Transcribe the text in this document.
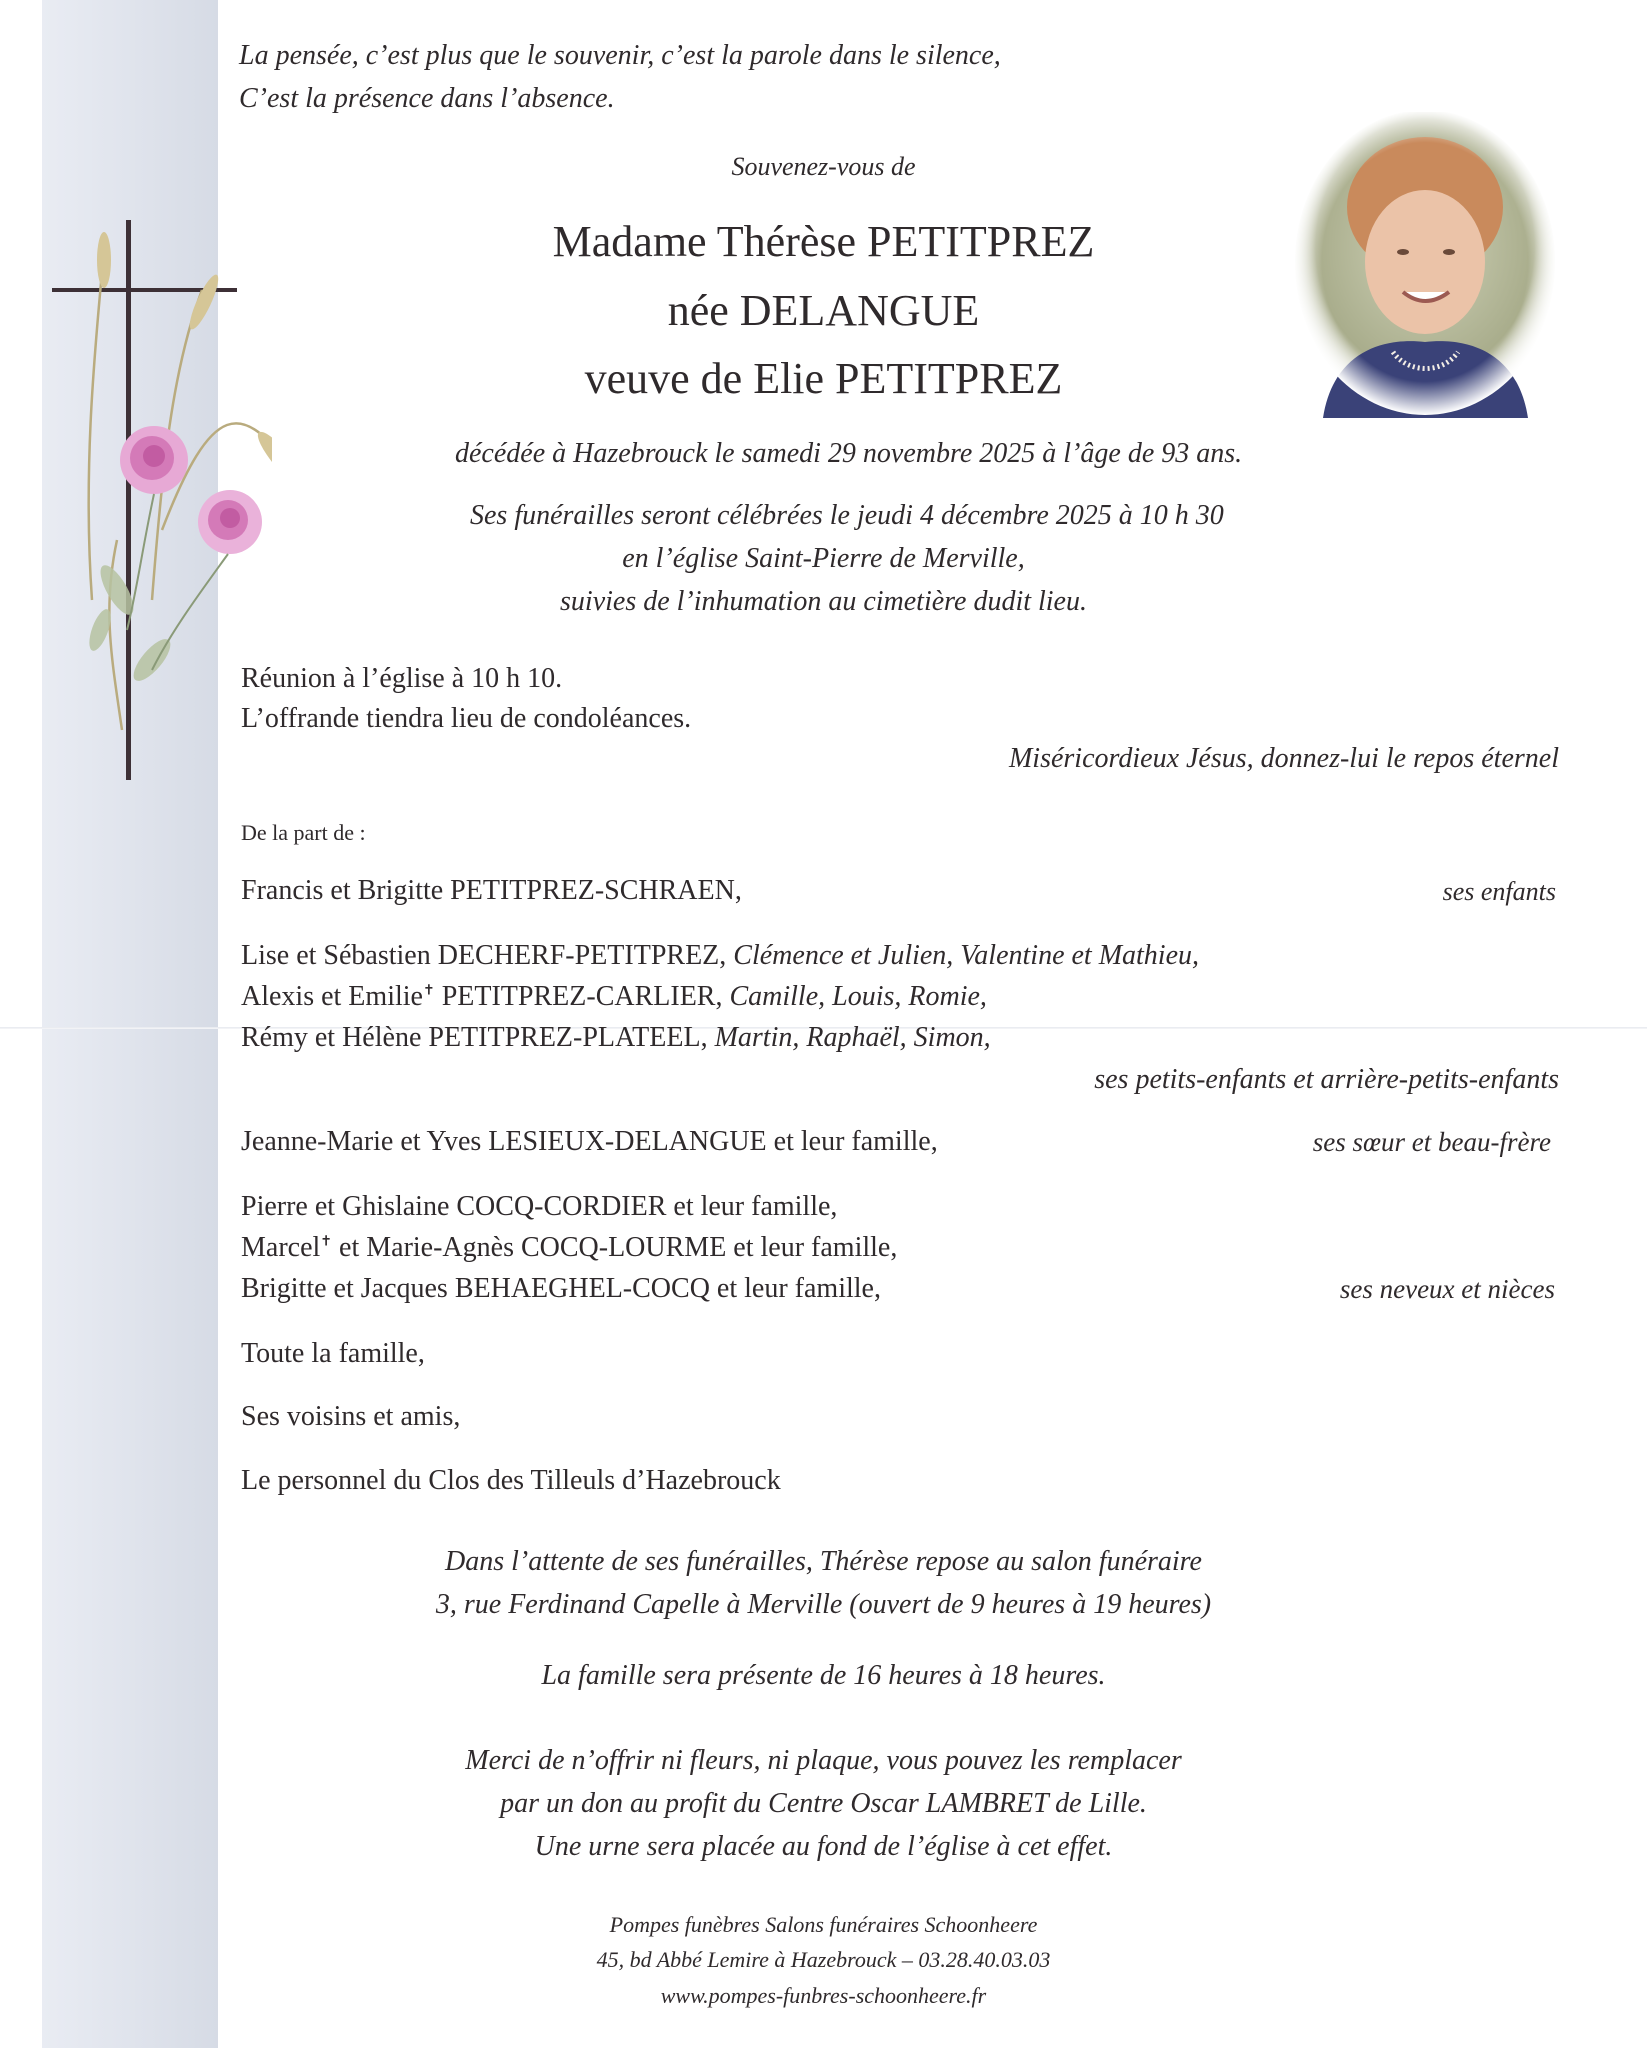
La pensée, c’est plus que le souvenir, c’est la parole dans le silence,
C’est la présence dans l’absence.
Souvenez-vous de
Madame Thérèse PETITPREZ
née DELANGUE
veuve de Elie PETITPREZ
décédée à Hazebrouck le samedi 29 novembre 2025 à l’âge de 93 ans.
Ses funérailles seront célébrées le jeudi 4 décembre 2025 à 10 h 30
en l’église Saint-Pierre de Merville,
suivies de l’inhumation au cimetière dudit lieu.
Réunion à l’église à 10 h 10.
L’offrande tiendra lieu de condoléances.
Miséricordieux Jésus, donnez-lui le repos éternel
De la part de :
Francis et Brigitte PETITPREZ-SCHRAEN,	ses enfants
Lise et Sébastien DECHERF-PETITPREZ, Clémence et Julien, Valentine et Mathieu,
Alexis et Emilie✝ PETITPREZ-CARLIER, Camille, Louis, Romie,
Rémy et Hélène PETITPREZ-PLATEEL, Martin, Raphaël, Simon,
ses petits-enfants et arrière-petits-enfants
Jeanne-Marie et Yves LESIEUX-DELANGUE et leur famille,	ses sœur et beau-frère
Pierre et Ghislaine COCQ-CORDIER et leur famille,
Marcel✝ et Marie-Agnès COCQ-LOURME et leur famille,
Brigitte et Jacques BEHAEGHEL-COCQ et leur famille,	ses neveux et nièces
Toute la famille,
Ses voisins et amis,
Le personnel du Clos des Tilleuls d’Hazebrouck
Dans l’attente de ses funérailles, Thérèse repose au salon funéraire
3, rue Ferdinand Capelle à Merville (ouvert de 9 heures à 19 heures)
La famille sera présente de 16 heures à 18 heures.
Merci de n’offrir ni fleurs, ni plaque, vous pouvez les remplacer
par un don au profit du Centre Oscar LAMBRET de Lille.
Une urne sera placée au fond de l’église à cet effet.
Pompes funèbres Salons funéraires Schoonheere
45, bd Abbé Lemire à Hazebrouck – 03.28.40.03.03
www.pompes-funbres-schoonheere.fr
